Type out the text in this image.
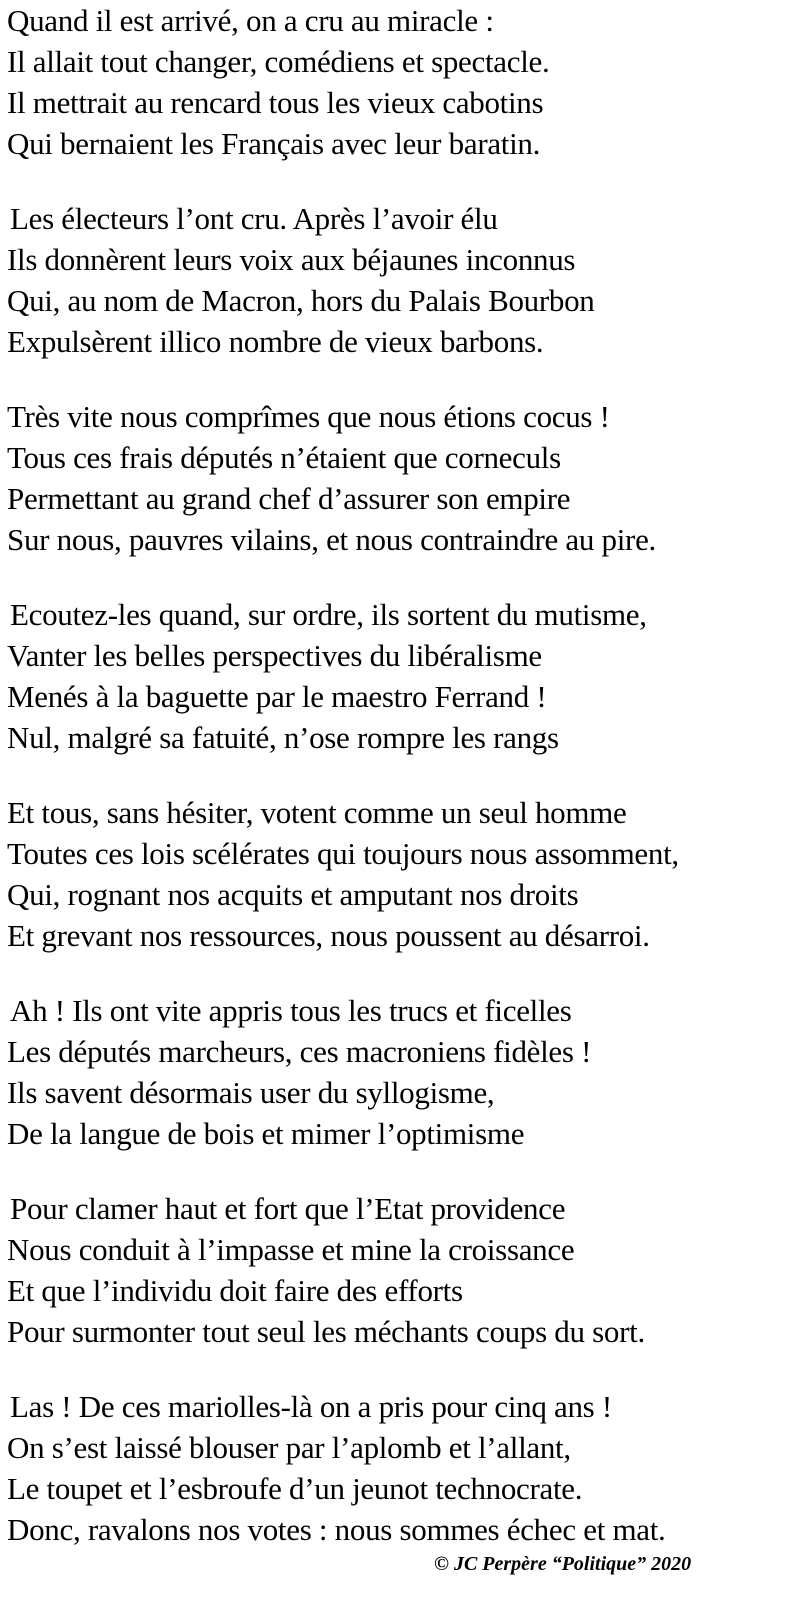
Quand il est arrivé, on a cru au miracle :
Il allait tout changer, comédiens et spectacle.
Il mettrait au rencard tous les vieux cabotins
Qui bernaient les Français avec leur baratin.
Les électeurs l’ont cru. Après l’avoir élu
Ils donnèrent leurs voix aux béjaunes inconnus
Qui, au nom de Macron, hors du Palais Bourbon
Expulsèrent illico nombre de vieux barbons.
Très vite nous comprîmes que nous étions cocus !
Tous ces frais députés n’étaient que corneculs
Permettant au grand chef d’assurer son empire
Sur nous, pauvres vilains, et nous contraindre au pire.
Ecoutez-les quand, sur ordre, ils sortent du mutisme,
Vanter les belles perspectives du libéralisme
Menés à la baguette par le maestro Ferrand !
Nul, malgré sa fatuité, n’ose rompre les rangs
Et tous, sans hésiter, votent comme un seul homme
Toutes ces lois scélérates qui toujours nous assomment,
Qui, rognant nos acquits et amputant nos droits
Et grevant nos ressources, nous poussent au désarroi.
Ah ! Ils ont vite appris tous les trucs et ficelles
Les députés marcheurs, ces macroniens fidèles !
Ils savent désormais user du syllogisme,
De la langue de bois et mimer l’optimisme
Pour clamer haut et fort que l’Etat providence
Nous conduit à l’impasse et mine la croissance
Et que l’individu doit faire des efforts
Pour surmonter tout seul les méchants coups du sort.
Las ! De ces mariolles-là on a pris pour cinq ans !
On s’est laissé blouser par l’aplomb et l’allant,
Le toupet et l’esbroufe d’un jeunot technocrate.
Donc, ravalons nos votes : nous sommes échec et mat.
© JC Perpère “Politique” 2020
